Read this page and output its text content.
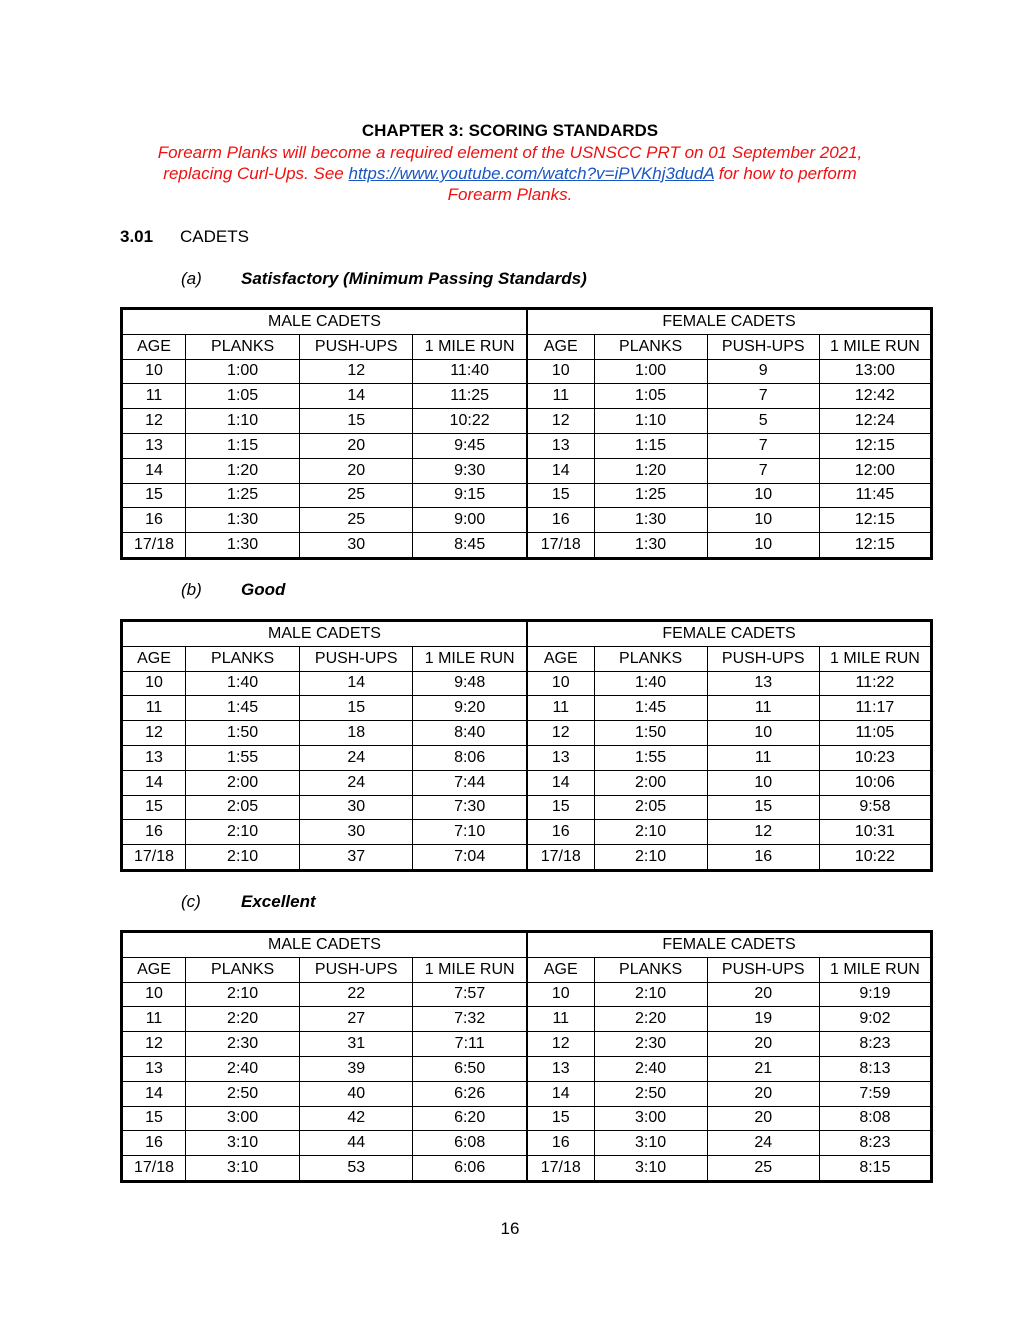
CHAPTER 3: SCORING STANDARDS
Forearm Planks will become a required element of the USNSCC PRT on 01 September 2021,
replacing Curl-Ups. See https://www.youtube.com/watch?v=iPVKhj3dudA for how to perform
Forearm Planks.
3.01 CADETS
(a) Satisfactory (Minimum Passing Standards)
MALE CADETS				FEMALE CADETS			
AGE	PLANKS	PUSH-UPS	1 MILE RUN	AGE	PLANKS	PUSH-UPS	1 MILE RUN
10	1:00	12	11:40	10	1:00	9	13:00
11	1:05	14	11:25	11	1:05	7	12:42
12	1:10	15	10:22	12	1:10	5	12:24
13	1:15	20	9:45	13	1:15	7	12:15
14	1:20	20	9:30	14	1:20	7	12:00
15	1:25	25	9:15	15	1:25	10	11:45
16	1:30	25	9:00	16	1:30	10	12:15
17/18	1:30	30	8:45	17/18	1:30	10	12:15
(b) Good
MALE CADETS				FEMALE CADETS			
AGE	PLANKS	PUSH-UPS	1 MILE RUN	AGE	PLANKS	PUSH-UPS	1 MILE RUN
10	1:40	14	9:48	10	1:40	13	11:22
11	1:45	15	9:20	11	1:45	11	11:17
12	1:50	18	8:40	12	1:50	10	11:05
13	1:55	24	8:06	13	1:55	11	10:23
14	2:00	24	7:44	14	2:00	10	10:06
15	2:05	30	7:30	15	2:05	15	9:58
16	2:10	30	7:10	16	2:10	12	10:31
17/18	2:10	37	7:04	17/18	2:10	16	10:22
(c) Excellent
MALE CADETS				FEMALE CADETS			
AGE	PLANKS	PUSH-UPS	1 MILE RUN	AGE	PLANKS	PUSH-UPS	1 MILE RUN
10	2:10	22	7:57	10	2:10	20	9:19
11	2:20	27	7:32	11	2:20	19	9:02
12	2:30	31	7:11	12	2:30	20	8:23
13	2:40	39	6:50	13	2:40	21	8:13
14	2:50	40	6:26	14	2:50	20	7:59
15	3:00	42	6:20	15	3:00	20	8:08
16	3:10	44	6:08	16	3:10	24	8:23
17/18	3:10	53	6:06	17/18	3:10	25	8:15
16
